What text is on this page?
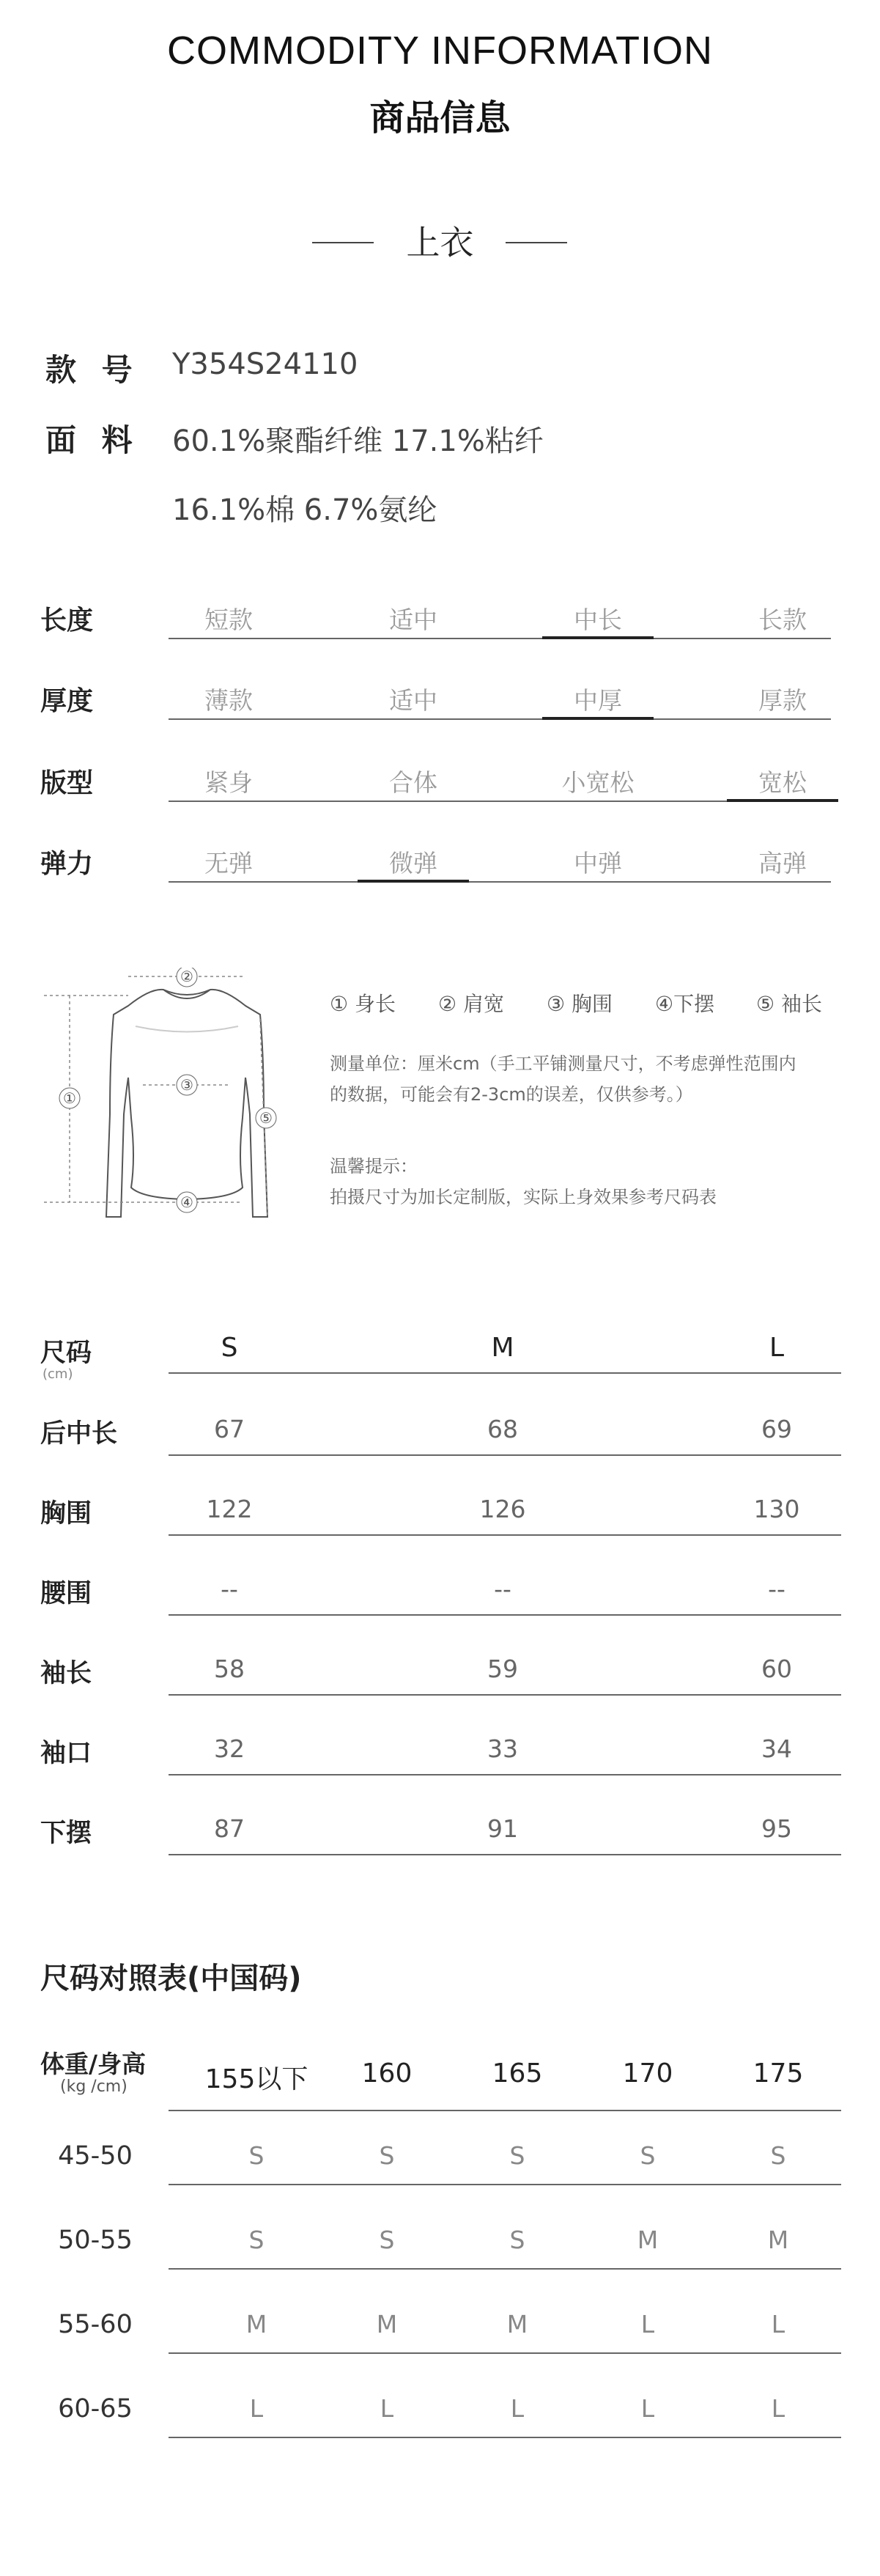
COMMODITY INFORMATION
商品信息
上衣
款 号 Y354S24110
面 料 60.1%聚酯纤维 17.1%粘纤
16.1%棉 6.7%氨纶
长度	短款	适中	中长	长款
厚度	薄款	适中	中厚	厚款
版型	紧身	合体	小宽松	宽松
弹力	无弹	微弹	中弹	高弹
①
②
③
④
⑤
① 身长 ② 肩宽 ③ 胸围 ④下摆 ⑤ 袖长
测量单位：厘米cm（手工平铺测量尺寸，不考虑弹性范围内
的数据，可能会有2-3cm的误差，仅供参考。）
温馨提示：
拍摄尺寸为加长定制版，实际上身效果参考尺码表
尺码
(cm)
S	M	L
后中长	67	68	69
胸围	122	126	130
腰围	--	--	--
袖长	58	59	60
袖口	32	33	34
下摆	87	91	95
尺码对照表(中国码)
体重/身高
(kg /cm)	155以下	160	165	170	175
45-50	S	S	S	S	S
50-55	S	S	S	M	M
55-60	M	M	M	L	L
60-65	L	L	L	L	L
